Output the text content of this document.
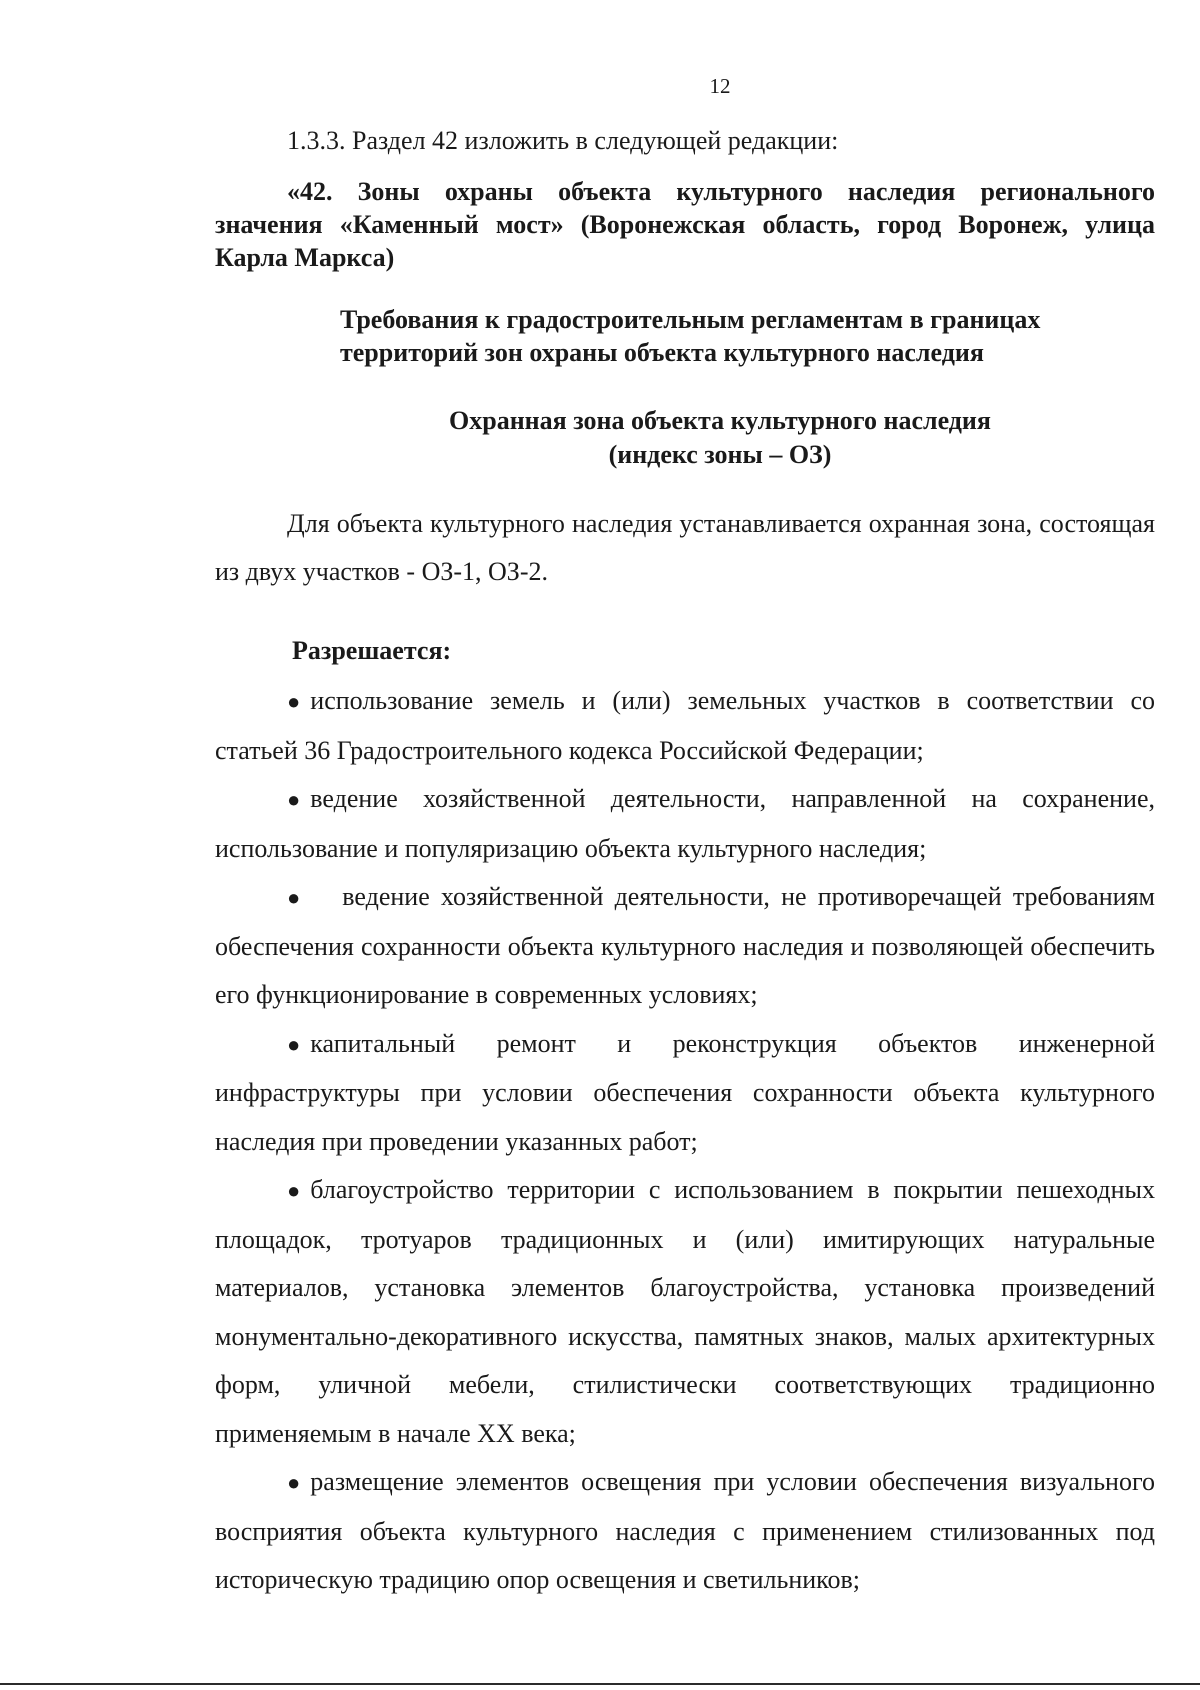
12
1.3.3. Раздел 42 изложить в следующей редакции:
«42. Зоны охраны объекта культурного наследия регионального значения «Каменный мост» (Воронежская область, город Воронеж, улица Карла Маркса)
Требования к градостроительным регламентам в границах
территорий зон охраны объекта культурного наследия
Охранная зона объекта культурного наследия
(индекс зоны – ОЗ)
Для объекта культурного наследия устанавливается охранная зона, состоящая из двух участков - ОЗ-1, ОЗ-2.
Разрешается:
● использование земель и (или) земельных участков в соответствии со статьей 36 Градостроительного кодекса Российской Федерации;
● ведение хозяйственной деятельности, направленной на сохранение, использование и популяризацию объекта культурного наследия;
● ведение хозяйственной деятельности, не противоречащей требованиям обеспечения сохранности объекта культурного наследия и позволяющей обеспечить его функционирование в современных условиях;
● капитальный ремонт и реконструкция объектов инженерной инфраструктуры при условии обеспечения сохранности объекта культурного наследия при проведении указанных работ;
● благоустройство территории с использованием в покрытии пешеходных площадок, тротуаров традиционных и (или) имитирующих натуральные материалов, установка элементов благоустройства, установка произведений монументально-декоративного искусства, памятных знаков, малых архитектурных форм, уличной мебели, стилистически соответствующих традиционно применяемым в начале XX века;
● размещение элементов освещения при условии обеспечения визуального восприятия объекта культурного наследия с применением стилизованных под историческую традицию опор освещения и светильников;
